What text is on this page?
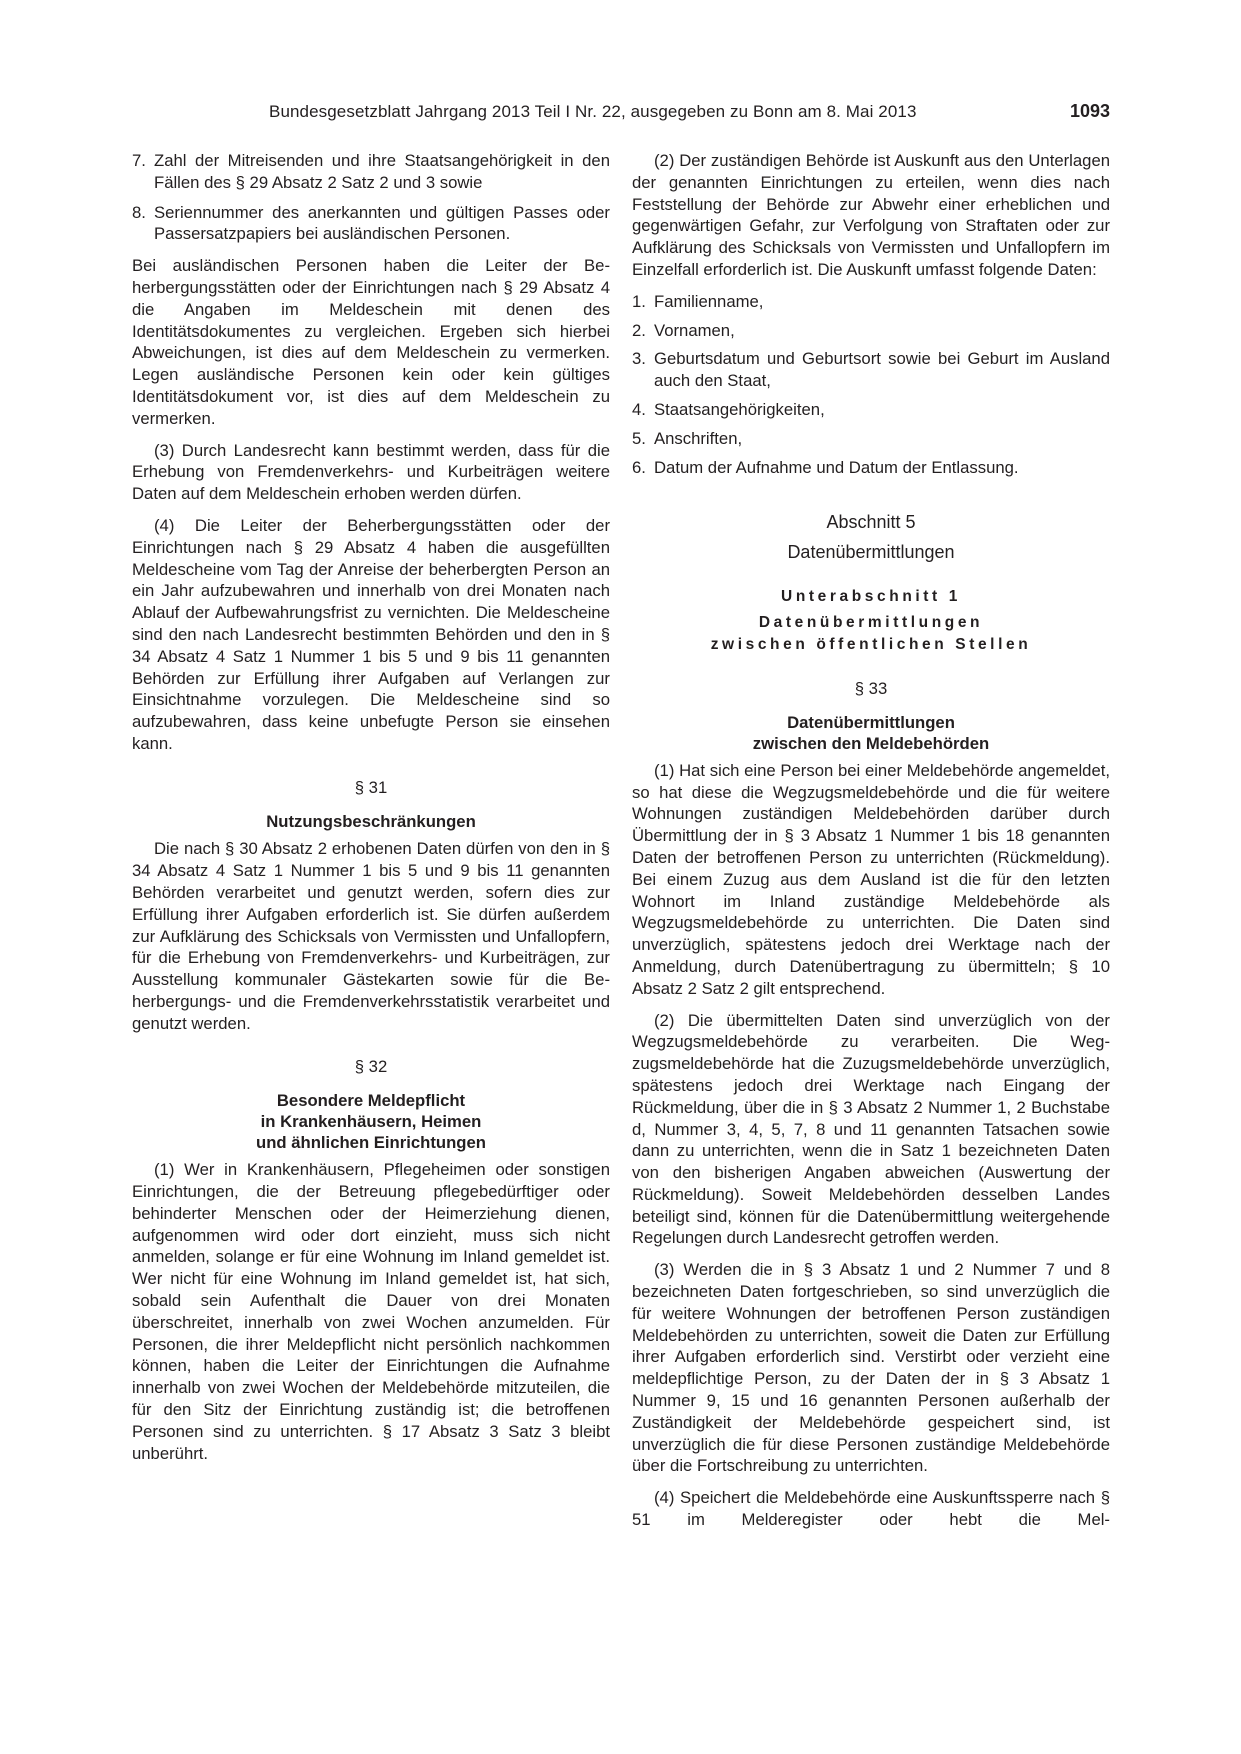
Bundesgesetzblatt Jahrgang 2013 Teil I Nr. 22, ausgegeben zu Bonn am 8. Mai 2013	1093
7. Zahl der Mitreisenden und ihre Staatsangehörigkeit in den Fällen des § 29 Absatz 2 Satz 2 und 3 sowie
8. Seriennummer des anerkannten und gültigen Passes oder Passersatzpapiers bei ausländischen Personen.

Bei ausländischen Personen haben die Leiter der Beherbergungsstätten oder der Einrichtungen nach § 29 Absatz 4 die Angaben im Meldeschein mit denen des Identitätsdokumentes zu vergleichen. Ergeben sich hierbei Abweichungen, ist dies auf dem Meldeschein zu vermerken. Legen ausländische Personen kein oder kein gültiges Identitätsdokument vor, ist dies auf dem Meldeschein zu vermerken.

(3) Durch Landesrecht kann bestimmt werden, dass für die Erhebung von Fremdenverkehrs- und Kurbeiträgen weitere Daten auf dem Meldeschein erhoben werden dürfen.

(4) Die Leiter der Beherbergungsstätten oder der Einrichtungen nach § 29 Absatz 4 haben die ausgefüllten Meldescheine vom Tag der Anreise der beherbergten Person an ein Jahr aufzubewahren und innerhalb von drei Monaten nach Ablauf der Aufbewahrungsfrist zu vernichten. Die Meldescheine sind den nach Landesrecht bestimmten Behörden und den in § 34 Absatz 4 Satz 1 Nummer 1 bis 5 und 9 bis 11 genannten Behörden zur Erfüllung ihrer Aufgaben auf Verlangen zur Einsichtnahme vorzulegen. Die Meldescheine sind so aufzubewahren, dass keine unbefugte Person sie einsehen kann.

§ 31
Nutzungsbeschränkungen

Die nach § 30 Absatz 2 erhobenen Daten dürfen von den in § 34 Absatz 4 Satz 1 Nummer 1 bis 5 und 9 bis 11 genannten Behörden verarbeitet und genutzt werden, sofern dies zur Erfüllung ihrer Aufgaben erforderlich ist. Sie dürfen außerdem zur Aufklärung des Schicksals von Vermissten und Unfallopfern, für die Erhebung von Fremdenverkehrs- und Kurbeiträgen, zur Ausstellung kommunaler Gästekarten sowie für die Beherbergungs- und die Fremdenverkehrsstatistik verarbeitet und genutzt werden.

§ 32
Besondere Meldepflicht
in Krankenhäusern, Heimen
und ähnlichen Einrichtungen

(1) Wer in Krankenhäusern, Pflegeheimen oder sonstigen Einrichtungen, die der Betreuung pflegebedürftiger oder behinderter Menschen oder der Heimerziehung dienen, aufgenommen wird oder dort einzieht, muss sich nicht anmelden, solange er für eine Wohnung im Inland gemeldet ist. Wer nicht für eine Wohnung im Inland gemeldet ist, hat sich, sobald sein Aufenthalt die Dauer von drei Monaten überschreitet, innerhalb von zwei Wochen anzumelden. Für Personen, die ihrer Meldepflicht nicht persönlich nachkommen können, haben die Leiter der Einrichtungen die Aufnahme innerhalb von zwei Wochen der Meldebehörde mitzuteilen, die für den Sitz der Einrichtung zuständig ist; die betroffenen Personen sind zu unterrichten. § 17 Absatz 3 Satz 3 bleibt unberührt.

(2) Der zuständigen Behörde ist Auskunft aus den Unterlagen der genannten Einrichtungen zu erteilen, wenn dies nach Feststellung der Behörde zur Abwehr einer erheblichen und gegenwärtigen Gefahr, zur Verfolgung von Straftaten oder zur Aufklärung des Schicksals von Vermissten und Unfallopfern im Einzelfall erforderlich ist. Die Auskunft umfasst folgende Daten:

1. Familienname,
2. Vornamen,
3. Geburtsdatum und Geburtsort sowie bei Geburt im Ausland auch den Staat,
4. Staatsangehörigkeiten,
5. Anschriften,
6. Datum der Aufnahme und Datum der Entlassung.
Abschnitt 5
Datenübermittlungen
Unterabschnitt 1
Datenübermittlungen
zwischen öffentlichen Stellen
§ 33
Datenübermittlungen
zwischen den Meldebehörden

(1) Hat sich eine Person bei einer Meldebehörde angemeldet, so hat diese die Wegzugsmeldebehörde und die für weitere Wohnungen zuständigen Meldebehörden darüber durch Übermittlung der in § 3 Absatz 1 Nummer 1 bis 18 genannten Daten der betroffenen Person zu unterrichten (Rückmeldung). Bei einem Zuzug aus dem Ausland ist die für den letzten Wohnort im Inland zuständige Meldebehörde als Wegzugsmeldebehörde zu unterrichten. Die Daten sind unverzüglich, spätestens jedoch drei Werktage nach der Anmeldung, durch Datenübertragung zu übermitteln; § 10 Absatz 2 Satz 2 gilt entsprechend.

(2) Die übermittelten Daten sind unverzüglich von der Wegzugsmeldebehörde zu verarbeiten. Die Wegzugsmeldebehörde hat die Zuzugsmeldebehörde unverzüglich, spätestens jedoch drei Werktage nach Eingang der Rückmeldung, über die in § 3 Absatz 2 Nummer 1, 2 Buchstabe d, Nummer 3, 4, 5, 7, 8 und 11 genannten Tatsachen sowie dann zu unterrichten, wenn die in Satz 1 bezeichneten Daten von den bisherigen Angaben abweichen (Auswertung der Rückmeldung). Soweit Meldebehörden desselben Landes beteiligt sind, können für die Datenübermittlung weitergehende Regelungen durch Landesrecht getroffen werden.

(3) Werden die in § 3 Absatz 1 und 2 Nummer 7 und 8 bezeichneten Daten fortgeschrieben, so sind unverzüglich die für weitere Wohnungen der betroffenen Person zuständigen Meldebehörden zu unterrichten, soweit die Daten zur Erfüllung ihrer Aufgaben erforderlich sind. Verstirbt oder verzieht eine meldepflichtige Person, zu der Daten der in § 3 Absatz 1 Nummer 9, 15 und 16 genannten Personen außerhalb der Zuständigkeit der Meldebehörde gespeichert sind, ist unverzüglich die für diese Personen zuständige Meldebehörde über die Fortschreibung zu unterrichten.

(4) Speichert die Meldebehörde eine Auskunftssperre nach § 51 im Melderegister oder hebt die Mel-
